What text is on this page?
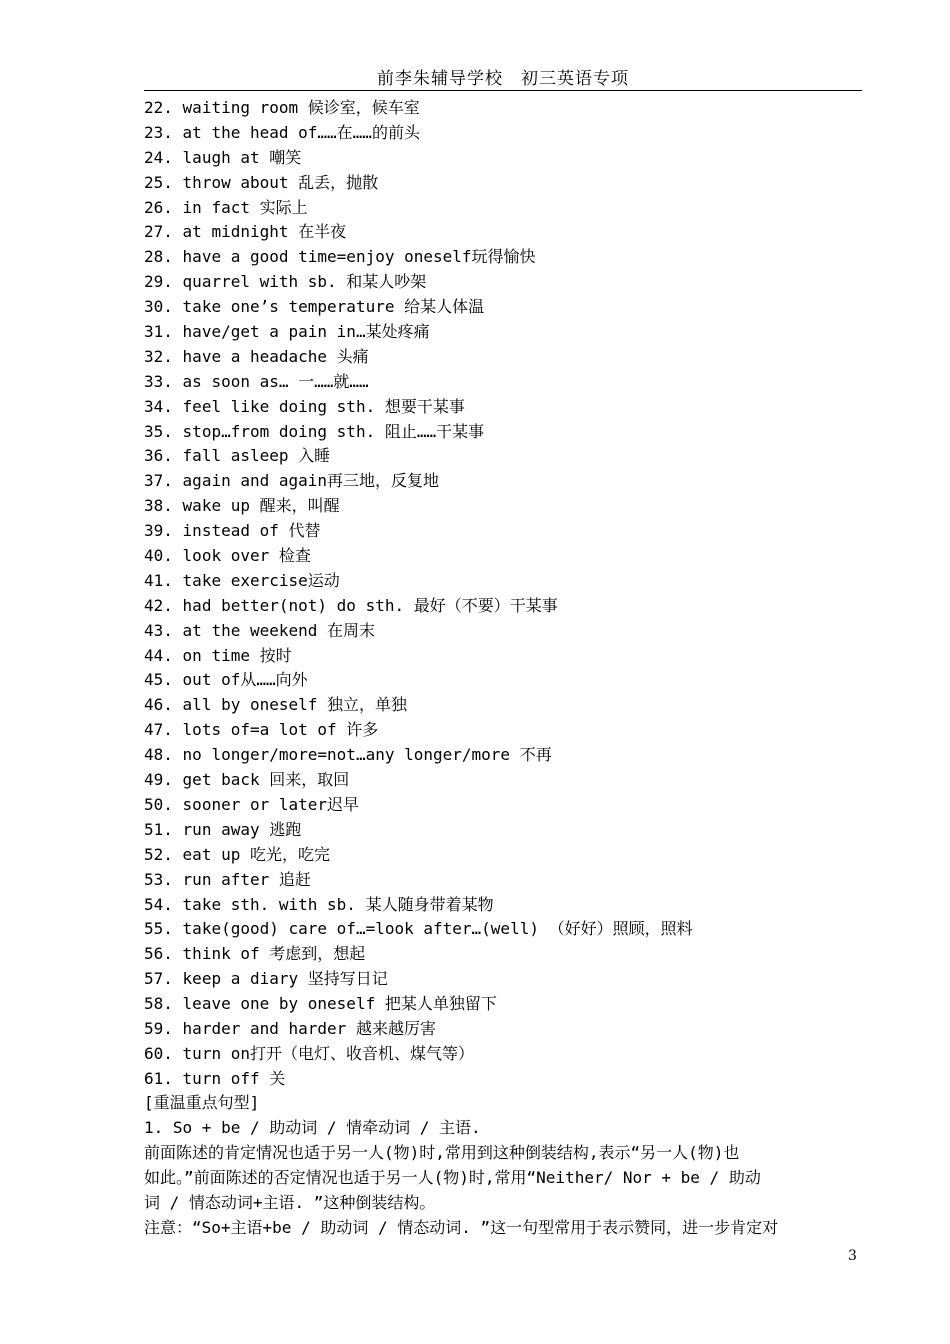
前李朱辅导学校　初三英语专项
22. waiting room 候诊室，候车室
23. at the head of……在……的前头
24. laugh at 嘲笑
25. throw about 乱丢，抛散
26. in fact 实际上
27. at midnight 在半夜
28. have a good time=enjoy oneself玩得愉快
29. quarrel with sb. 和某人吵架
30. take one’s temperature 给某人体温
31. have/get a pain in…某处疼痛
32. have a headache 头痛
33. as soon as… 一……就……
34. feel like doing sth. 想要干某事
35. stop…from doing sth. 阻止……干某事
36. fall asleep 入睡
37. again and again再三地，反复地
38. wake up 醒来，叫醒
39. instead of 代替
40. look over 检查
41. take exercise运动
42. had better(not) do sth. 最好（不要）干某事
43. at the weekend 在周末
44. on time 按时
45. out of从……向外
46. all by oneself 独立，单独
47. lots of=a lot of 许多
48. no longer/more=not…any longer/more 不再
49. get back 回来，取回
50. sooner or later迟早
51. run away 逃跑
52. eat up 吃光，吃完
53. run after 追赶
54. take sth. with sb. 某人随身带着某物
55. take(good) care of…=look after…(well) （好好）照顾，照料
56. think of 考虑到，想起
57. keep a diary 坚持写日记
58. leave one by oneself 把某人单独留下
59. harder and harder 越来越厉害
60. turn on打开（电灯、收音机、煤气等）
61. turn off 关

[重温重点句型]

1. So + be / 助动词 / 情牵动词 / 主语.

前面陈述的肯定情况也适于另一人(物)时,常用到这种倒装结构,表示“另一人(物)也

如此。”前面陈述的否定情况也适于另一人(物)时,常用“Neither/ Nor + be / 助动

词 / 情态动词+主语. ”这种倒装结构。

注意：“So+主语+be / 助动词 / 情态动词. ”这一句型常用于表示赞同，进一步肯定对

3
